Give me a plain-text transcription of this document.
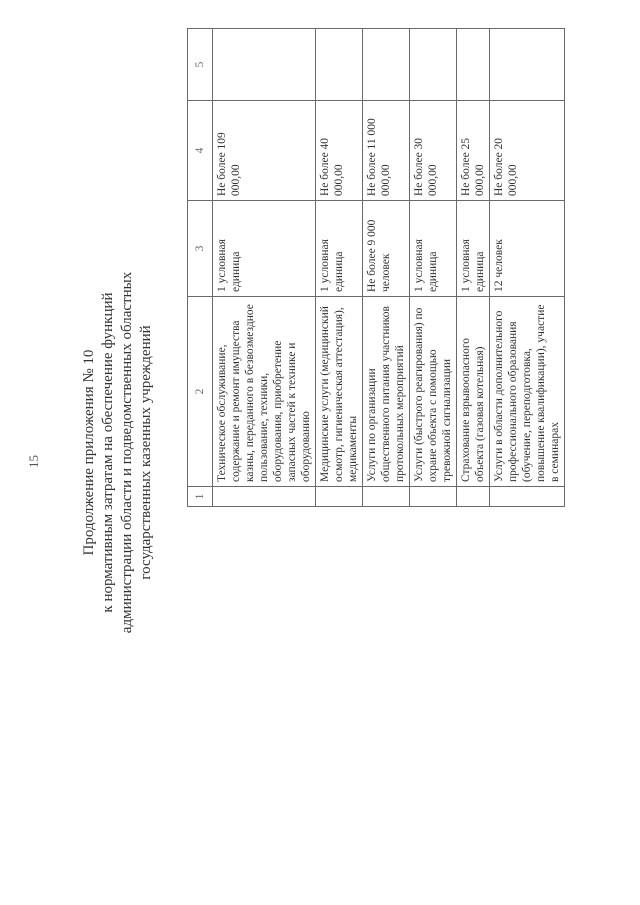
15	Продолжение приложения № 10 к нормативным затратам на обеспечение функций администрации области и подведомственных областных государственных казенных учреждений	1	2	3	4	5
	Техническое обслуживание, содержание и ремонт имущества казны, переданного в безвозмездное пользование, техники, оборудования, приобретение запасных частей к технике и оборудованию	1 условная единица	Не более 109 000,00	
	Медицинские услуги (медицинский осмотр, гигиеническая аттестация), медикаменты	1 условная единица	Не более 40 000,00	
	Услуги по организации общественного питания участников протокольных мероприятий	Не более 9 000 человек	Не более 11 000 000,00	
	Услуги (быстрого реагирования) по охране объекта с помощью тревожной сигнализации	1 условная единица	Не более 30 000,00	
	Страхование взрывоопасного объекта (газовая котельная)	1 условная единица	Не более 25 000,00	
	Услуги в области дополнительного профессионального образования (обучение, переподготовка, повышение квалификации), участие в семинарах	12 человек	Не более 20 000,00	
